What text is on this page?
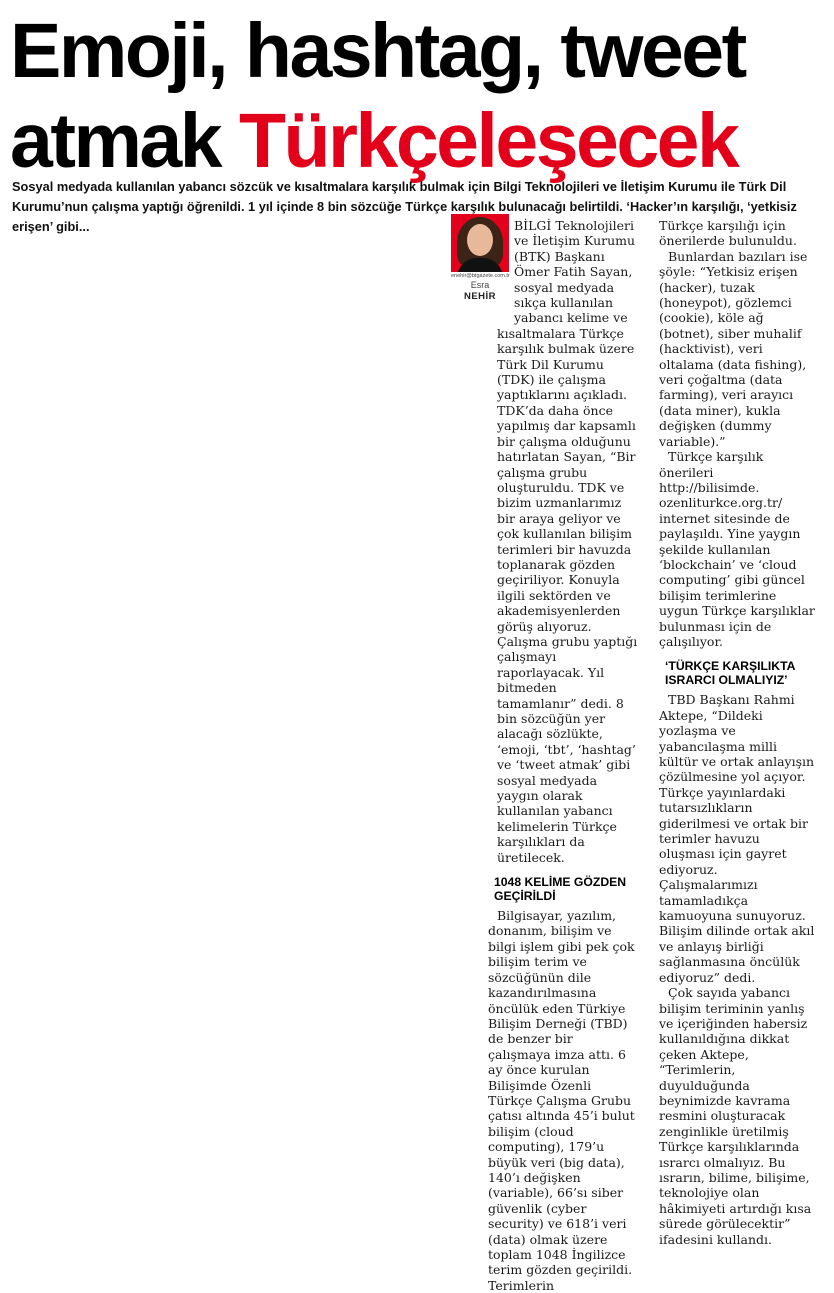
Emoji, hashtag, tweet atmak Türkçeleşecek

Sosyal medyada kullanılan yabancı sözcük ve kısaltmalara karşılık bulmak için Bilgi Teknolojileri ve İletişim Kurumu ile Türk Dil Kurumu’nun çalışma yaptığı öğrenildi. 1 yıl içinde 8 bin sözcüğe Türkçe karşılık bulunacağı belirtildi. ‘Hacker’ın karşılığı, ‘yetkisiz erişen’ gibi...

enehir@btgazete.com.tr
Esra
NEHİR

BİLGİ Teknolojileri ve İletişim Kurumu (BTK) Başkanı Ömer Fatih Sayan, sosyal medyada sıkça kullanılan yabancı kelime ve kısaltmalara Türkçe karşılık bulmak üzere Türk Dil Kurumu (TDK) ile çalışma yaptıklarını açıkladı. TDK’da daha önce yapılmış dar kapsamlı bir çalışma olduğunu hatırlatan Sayan, “Bir çalışma grubu oluşturuldu. TDK ve bizim uzmanlarımız bir araya geliyor ve çok kullanılan bilişim terimleri bir havuzda toplanarak gözden geçiriliyor. Konuyla ilgili sektörden ve akademisyenlerden görüş alıyoruz. Çalışma grubu yaptığı çalışmayı raporlayacak. Yıl bitmeden tamamlanır” dedi. 8 bin sözcüğün yer alacağı sözlükte, ‘emoji, ‘tbt’, ‘hashtag’ ve ‘tweet atmak’ gibi sosyal medyada yaygın olarak kullanılan yabancı kelimelerin Türkçe karşılıkları da üretilecek.

1048 KELİME GÖZDEN GEÇİRİLDİ

Bilgisayar, yazılım, donanım, bilişim ve bilgi işlem gibi pek çok bilişim terim ve sözcüğünün dile kazandırılmasına öncülük eden Türkiye Bilişim Derneği (TBD) de benzer bir çalışmaya imza attı. 6 ay önce kurulan Bilişimde Özenli Türkçe Çalışma Grubu çatısı altında 45’i bulut bilişim (cloud computing), 179’u büyük veri (big data), 140’ı değişken (variable), 66’sı siber güvenlik (cyber security) ve 618’i veri (data) olmak üzere toplam 1048 İngilizce terim gözden geçirildi. Terimlerin

Türkçe karşılığı için önerilerde bulunuldu.

Bunlardan bazıları ise şöyle: “Yetkisiz erişen (hacker), tuzak (honeypot), gözlemci (cookie), köle ağ (botnet), siber muhalif (hacktivist), veri oltalama (data fishing), veri çoğaltma (data farming), veri arayıcı (data miner), kukla değişken (dummy variable).”

Türkçe karşılık önerileri http://bilisimde. ozenliturkce.org.tr/ internet sitesinde de paylaşıldı. Yine yaygın şekilde kullanılan ‘blockchain’ ve ‘cloud computing’ gibi güncel bilişim terimlerine uygun Türkçe karşılıklar bulunması için de çalışılıyor.

‘TÜRKÇE KARŞILIKTA ISRARCI OLMALIYIZ’

TBD Başkanı Rahmi Aktepe, “Dildeki yozlaşma ve yabancılaşma milli kültür ve ortak anlayışın çözülmesine yol açıyor. Türkçe yayınlardaki tutarsızlıkların giderilmesi ve ortak bir terimler havuzu oluşması için gayret ediyoruz. Çalışmalarımızı tamamladıkça kamuoyuna sunuyoruz. Bilişim dilinde ortak akıl ve anlayış birliği sağlanmasına öncülük ediyoruz” dedi.

Çok sayıda yabancı bilişim teriminin yanlış ve içeriğinden habersiz kullanıldığına dikkat çeken Aktepe, “Terimlerin, duyulduğunda beynimizde kavrama resmini oluşturacak zenginlikle üretilmiş Türkçe karşılıklarında ısrarcı olmalıyız. Bu ısrarın, bilime, bilişime, teknolojiye olan hâkimiyeti artırdığı kısa sürede görülecektir” ifadesini kullandı.
